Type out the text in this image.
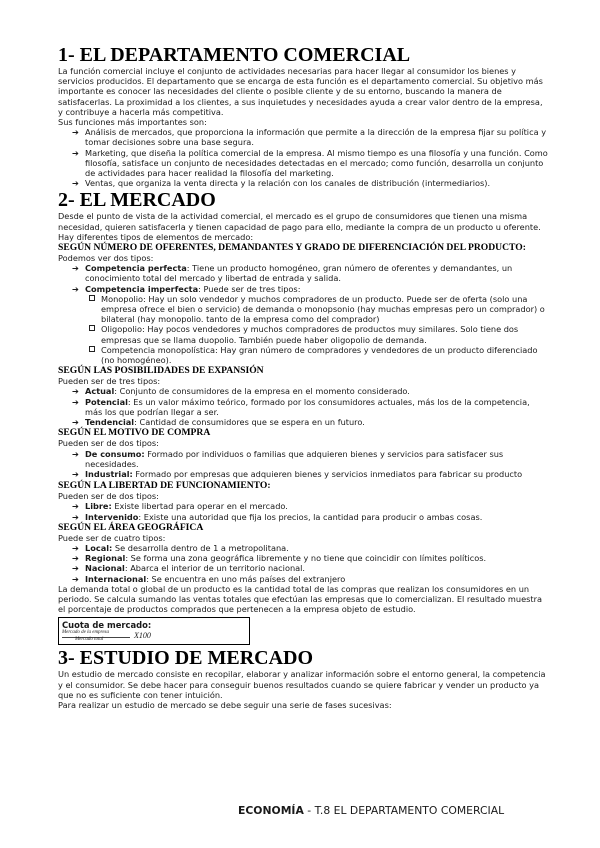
1- EL DEPARTAMENTO COMERCIAL

La función comercial incluye el conjunto de actividades necesarias para hacer llegar al consumidor los bienes y servicios producidos. El departamento que se encarga de esta función es el departamento comercial. Su objetivo más importante es conocer las necesidades del cliente o posible cliente y de su entorno, buscando la manera de satisfacerlas. La proximidad a los clientes, a sus inquietudes y necesidades ayuda a crear valor dentro de la empresa, y contribuye a hacerla más competitiva.

Sus funciones más importantes son:

➔ Análisis de mercados, que proporciona la información que permite a la dirección de la empresa fijar su política y tomar decisiones sobre una base segura.
➔ Marketing, que diseña la política comercial de la empresa. Al mismo tiempo es una filosofía y una función. Como filosofía, satisface un conjunto de necesidades detectadas en el mercado; como función, desarrolla un conjunto de actividades para hacer realidad la filosofía del marketing.
➔ Ventas, que organiza la venta directa y la relación con los canales de distribución (intermediarios).
2- EL MERCADO

Desde el punto de vista de la actividad comercial, el mercado es el grupo de consumidores que tienen una misma necesidad, quieren satisfacerla y tienen capacidad de pago para ello, mediante la compra de un producto u oferente. Hay diferentes tipos de elementos de mercado:

SEGÚN NÚMERO DE OFERENTES, DEMANDANTES Y GRADO DE DIFERENCIACIÓN DEL PRODUCTO:

Podemos ver dos tipos:

➔ Competencia perfecta: Tiene un producto homogéneo, gran número de oferentes y demandantes, un conocimiento total del mercado y libertad de entrada y salida.
➔ Competencia imperfecta: Puede ser de tres tipos:
Monopolio: Hay un solo vendedor y muchos compradores de un producto. Puede ser de oferta (solo una empresa ofrece el bien o servicio) de demanda o monopsonio (hay muchas empresas pero un comprador) o bilateral (hay monopolio. tanto de la empresa como del comprador)
Oligopolio: Hay pocos vendedores y muchos compradores de productos muy similares. Solo tiene dos empresas que se llama duopolio. También puede haber oligopolio de demanda.
Competencia monopolística: Hay gran número de compradores y vendedores de un producto diferenciado (no homogéneo).
SEGÚN LAS POSIBILIDADES DE EXPANSIÓN

Pueden ser de tres tipos:

➔ Actual: Conjunto de consumidores de la empresa en el momento considerado.
➔ Potencial: Es un valor máximo teórico, formado por los consumidores actuales, más los de la competencia, más los que podrían llegar a ser.
➔ Tendencial: Cantidad de consumidores que se espera en un futuro.
SEGÚN EL MOTIVO DE COMPRA

Pueden ser de dos tipos:

➔ De consumo: Formado por individuos o familias que adquieren bienes y servicios para satisfacer sus necesidades.
➔ Industrial: Formado por empresas que adquieren bienes y servicios inmediatos para fabricar su producto
SEGÚN LA LIBERTAD DE FUNCIONAMIENTO:

Pueden ser de dos tipos:

➔ Libre: Existe libertad para operar en el mercado.
➔ Intervenido: Existe una autoridad que fija los precios, la cantidad para producir o ambas cosas.
SEGÚN EL ÁREA GEOGRÁFICA

Puede ser de cuatro tipos:

➔ Local: Se desarrolla dentro de 1 a metropolitana.
➔ Regional: Se forma una zona geográfica libremente y no tiene que coincidir con límites políticos.
➔ Nacional: Abarca el interior de un territorio nacional.
➔ Internacional: Se encuentra en uno más países del extranjero

La demanda total o global de un producto es la cantidad total de las compras que realizan los consumidores en un periodo. Se calcula sumando las ventas totales que efectúan las empresas que lo comercializan. El resultado muestra el porcentaje de productos comprados que pertenecen a la empresa objeto de estudio.

Cuota de mercado:
Mercado de la empresa
Mercado total	X100
3- ESTUDIO DE MERCADO

Un estudio de mercado consiste en recopilar, elaborar y analizar información sobre el entorno general, la competencia y el consumidor. Se debe hacer para conseguir buenos resultados cuando se quiere fabricar y vender un producto ya que no es suficiente con tener intuición.

Para realizar un estudio de mercado se debe seguir una serie de fases sucesivas:

ECONOMÍA - T.8 EL DEPARTAMENTO COMERCIAL
